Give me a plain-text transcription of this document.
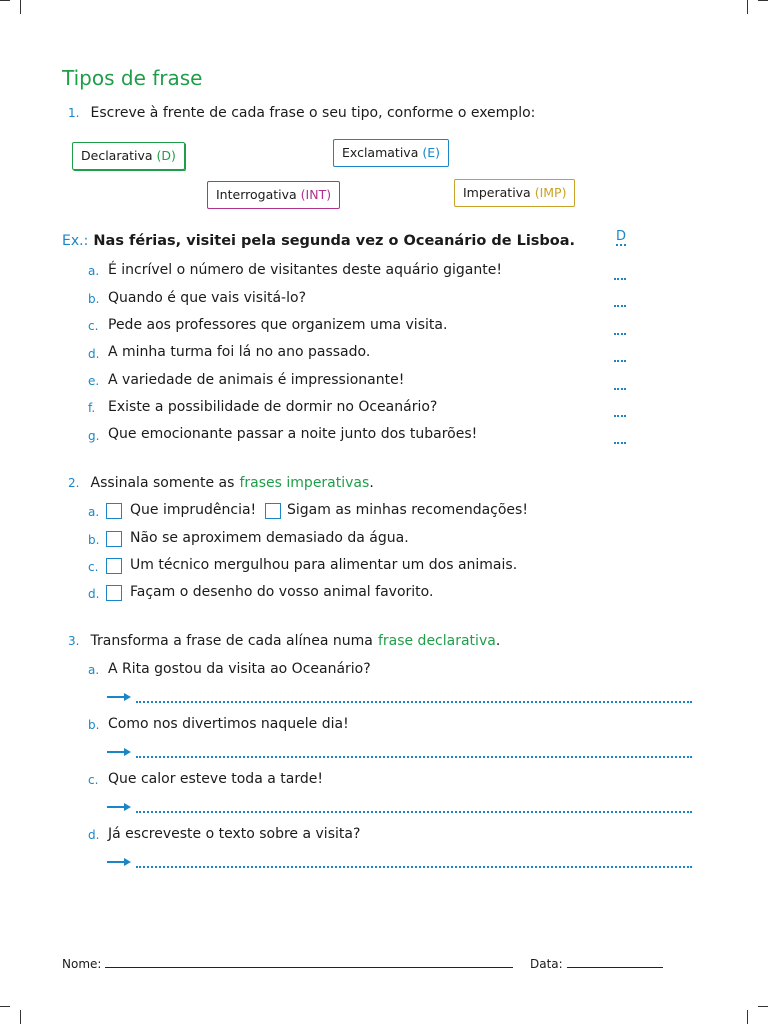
Tipos de frase
1. Escreve à frente de cada frase o seu tipo, conforme o exemplo:
Declarativa (D)	Exclamativa (E)
Interrogativa (INT)	Imperativa (IMP)
Ex.: Nas férias, visitei pela segunda vez o Oceanário de Lisboa.	D
a. É incrível o número de visitantes deste aquário gigante!
b. Quando é que vais visitá-lo?
c. Pede aos professores que organizem uma visita.
d. A minha turma foi lá no ano passado.
e. A variedade de animais é impressionante!
f. Existe a possibilidade de dormir no Oceanário?
g. Que emocionante passar a noite junto dos tubarões!
2. Assinala somente as frases imperativas.
a.	Que imprudência! Sigam as minhas recomendações!
b.	Não se aproximem demasiado da água.
c.	Um técnico mergulhou para alimentar um dos animais.
d.	Façam o desenho do vosso animal favorito.
3. Transforma a frase de cada alínea numa frase declarativa.
a. A Rita gostou da visita ao Oceanário?
b. Como nos divertimos naquele dia!
c. Que calor esteve toda a tarde!
d. Já escreveste o texto sobre a visita?
Nome:	Data:
